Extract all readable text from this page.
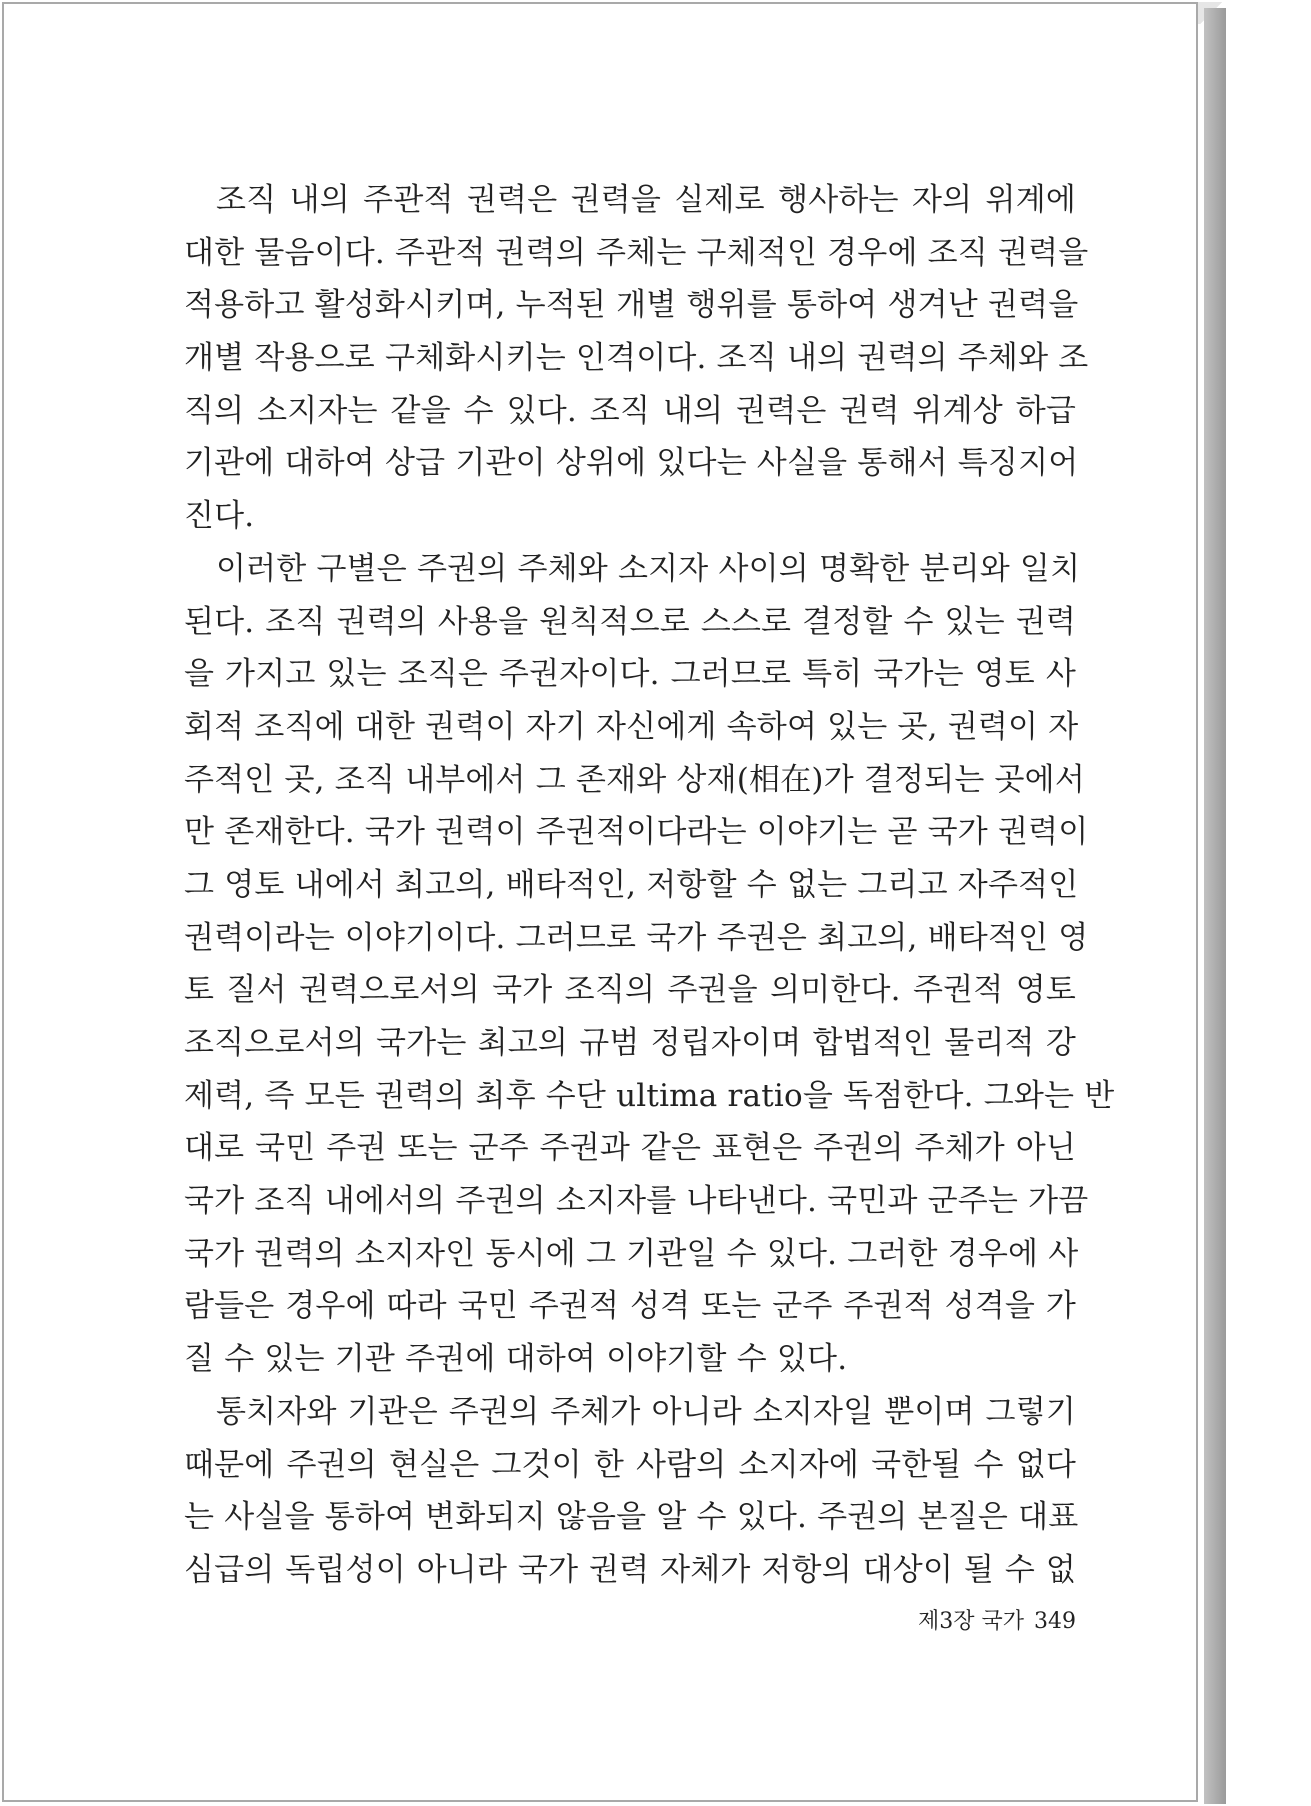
조직 내의 주관적 권력은 권력을 실제로 행사하는 자의 위계에
대한 물음이다. 주관적 권력의 주체는 구체적인 경우에 조직 권력을
적용하고 활성화시키며, 누적된 개별 행위를 통하여 생겨난 권력을
개별 작용으로 구체화시키는 인격이다. 조직 내의 권력의 주체와 조
직의 소지자는 같을 수 있다. 조직 내의 권력은 권력 위계상 하급
기관에 대하여 상급 기관이 상위에 있다는 사실을 통해서 특징지어
진다.
이러한 구별은 주권의 주체와 소지자 사이의 명확한 분리와 일치
된다. 조직 권력의 사용을 원칙적으로 스스로 결정할 수 있는 권력
을 가지고 있는 조직은 주권자이다. 그러므로 특히 국가는 영토 사
회적 조직에 대한 권력이 자기 자신에게 속하여 있는 곳, 권력이 자
주적인 곳, 조직 내부에서 그 존재와 상재(相在)가 결정되는 곳에서
만 존재한다. 국가 권력이 주권적이다라는 이야기는 곧 국가 권력이
그 영토 내에서 최고의, 배타적인, 저항할 수 없는 그리고 자주적인
권력이라는 이야기이다. 그러므로 국가 주권은 최고의, 배타적인 영
토 질서 권력으로서의 국가 조직의 주권을 의미한다. 주권적 영토
조직으로서의 국가는 최고의 규범 정립자이며 합법적인 물리적 강
제력, 즉 모든 권력의 최후 수단 ultima ratio을 독점한다. 그와는 반
대로 국민 주권 또는 군주 주권과 같은 표현은 주권의 주체가 아닌
국가 조직 내에서의 주권의 소지자를 나타낸다. 국민과 군주는 가끔
국가 권력의 소지자인 동시에 그 기관일 수 있다. 그러한 경우에 사
람들은 경우에 따라 국민 주권적 성격 또는 군주 주권적 성격을 가
질 수 있는 기관 주권에 대하여 이야기할 수 있다.
통치자와 기관은 주권의 주체가 아니라 소지자일 뿐이며 그렇기
때문에 주권의 현실은 그것이 한 사람의 소지자에 국한될 수 없다
는 사실을 통하여 변화되지 않음을 알 수 있다. 주권의 본질은 대표
심급의 독립성이 아니라 국가 권력 자체가 저항의 대상이 될 수 없
제3장 국가 349
